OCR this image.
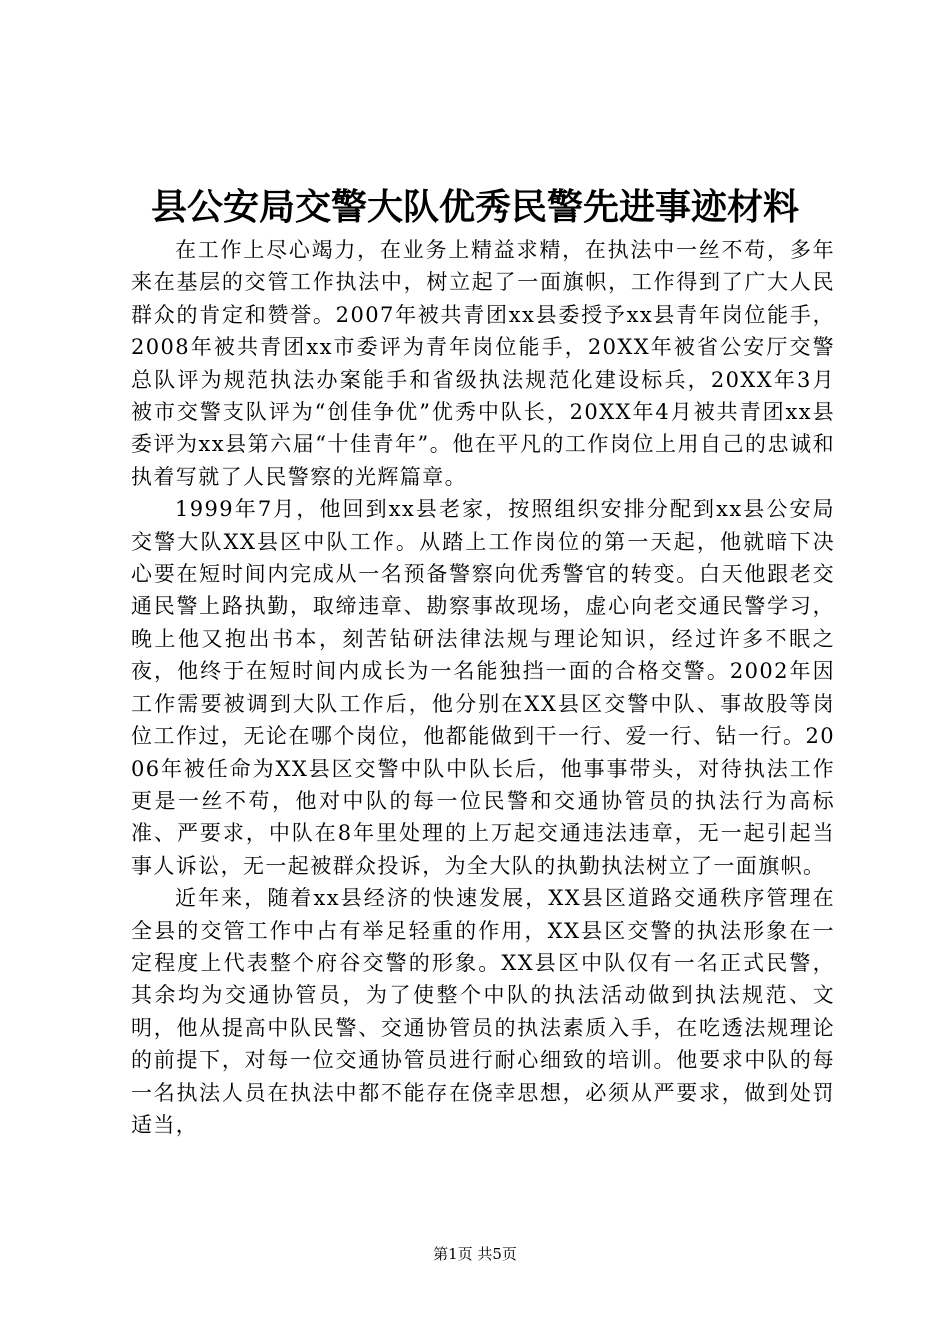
县公安局交警大队优秀民警先进事迹材料

在工作上尽心竭力，在业务上精益求精，在执法中一丝不苟，多年来在基层的交管工作执法中，树立起了一面旗帜，工作得到了广大人民群众的肯定和赞誉。2007年被共青团xx县委授予xx县青年岗位能手，2008年被共青团xx市委评为青年岗位能手，20XX年被省公安厅交警总队评为规范执法办案能手和省级执法规范化建设标兵，20XX年3月被市交警支队评为“创佳争优”优秀中队长，20XX年4月被共青团xx县委评为xx县第六届“十佳青年”。他在平凡的工作岗位上用自己的忠诚和执着写就了人民警察的光辉篇章。

1999年7月，他回到xx县老家，按照组织安排分配到xx县公安局交警大队XX县区中队工作。从踏上工作岗位的第一天起，他就暗下决心要在短时间内完成从一名预备警察向优秀警官的转变。白天他跟老交通民警上路执勤，取缔违章、勘察事故现场，虚心向老交通民警学习，晚上他又抱出书本，刻苦钻研法律法规与理论知识，经过许多不眠之夜，他终于在短时间内成长为一名能独挡一面的合格交警。2002年因工作需要被调到大队工作后，他分别在XX县区交警中队、事故股等岗位工作过，无论在哪个岗位，他都能做到干一行、爱一行、钻一行。2006年被任命为XX县区交警中队中队长后，他事事带头，对待执法工作更是一丝不苟，他对中队的每一位民警和交通协管员的执法行为高标准、严要求，中队在8年里处理的上万起交通违法违章，无一起引起当事人诉讼，无一起被群众投诉，为全大队的执勤执法树立了一面旗帜。

近年来，随着xx县经济的快速发展，XX县区道路交通秩序管理在全县的交管工作中占有举足轻重的作用，XX县区交警的执法形象在一定程度上代表整个府谷交警的形象。XX县区中队仅有一名正式民警，其余均为交通协管员，为了使整个中队的执法活动做到执法规范、文明，他从提高中队民警、交通协管员的执法素质入手，在吃透法规理论的前提下，对每一位交通协管员进行耐心细致的培训。他要求中队的每一名执法人员在执法中都不能存在侥幸思想，必须从严要求，做到处罚适当，

第1页 共5页
